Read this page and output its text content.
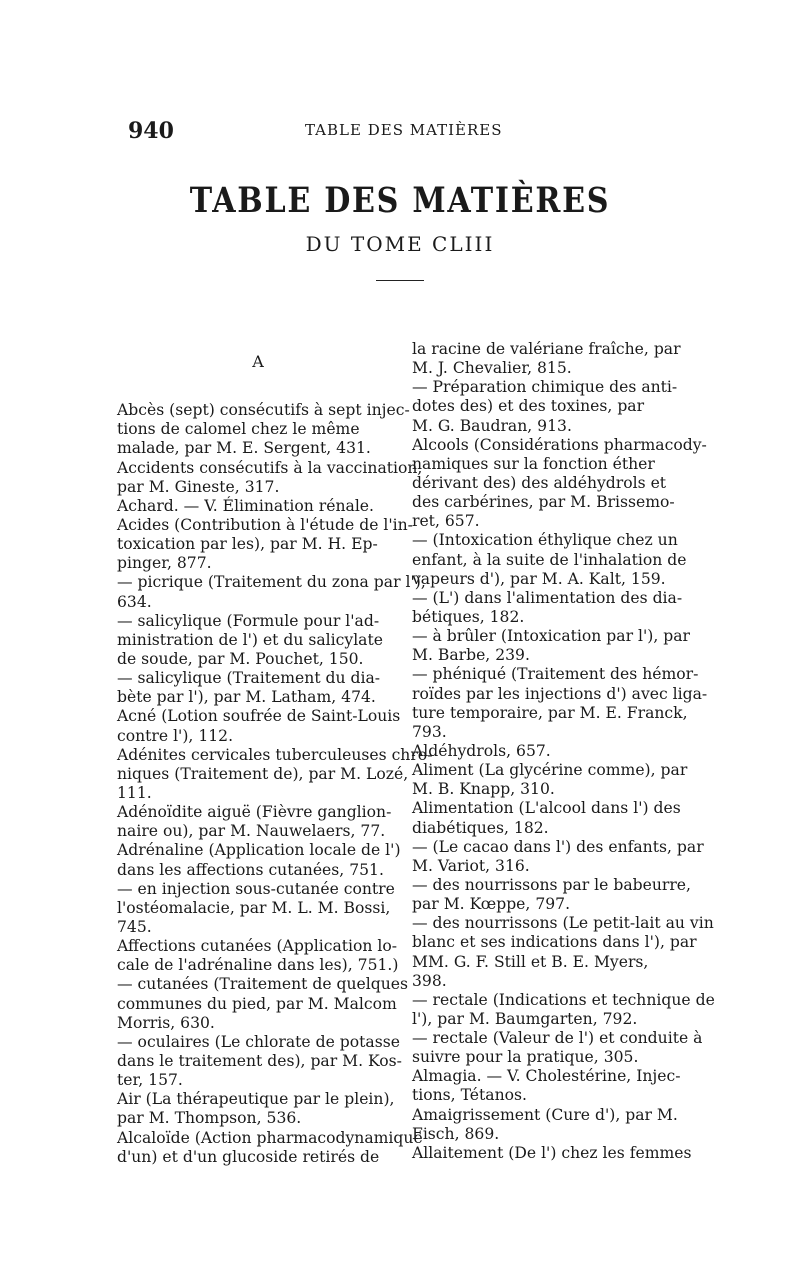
940	TABLE DES MATIÈRES
TABLE DES MATIÈRES
DU TOME CLIII
A
Abcès (sept) consécutifs à sept injec-
tions de calomel chez le même
malade, par M. E. Sergent, 431.
Accidents consécutifs à la vaccination,
par M. Gineste, 317.
Achard. — V. Élimination rénale.
Acides (Contribution à l'étude de l'in-
toxication par les), par M. H. Ep-
pinger, 877.
— picrique (Traitement du zona par l'),
634.
— salicylique (Formule pour l'ad-
ministration de l') et du salicylate
de soude, par M. Pouchet, 150.
— salicylique (Traitement du dia-
bète par l'), par M. Latham, 474.
Acné (Lotion soufrée de Saint-Louis
contre l'), 112.
Adénites cervicales tuberculeuses chro-
niques (Traitement de), par M. Lozé,
111.
Adénoïdite aiguë (Fièvre ganglion-
naire ou), par M. Nauwelaers, 77.
Adrénaline (Application locale de l')
dans les affections cutanées, 751.
— en injection sous-cutanée contre
l'ostéomalacie, par M. L. M. Bossi,
745.
Affections cutanées (Application lo-
cale de l'adrénaline dans les), 751.)
— cutanées (Traitement de quelques
communes du pied, par M. Malcom
Morris, 630.
— oculaires (Le chlorate de potasse
dans le traitement des), par M. Kos-
ter, 157.
Air (La thérapeutique par le plein),
par M. Thompson, 536.
Alcaloïde (Action pharmacodynamique
d'un) et d'un glucoside retirés de
la racine de valériane fraîche, par
M. J. Chevalier, 815.
— Préparation chimique des anti-
dotes des) et des toxines, par
M. G. Baudran, 913.
Alcools (Considérations pharmacody-
namiques sur la fonction éther
dérivant des) des aldéhydrols et
des carbérines, par M. Brissemo-
ret, 657.
— (Intoxication éthylique chez un
enfant, à la suite de l'inhalation de
vapeurs d'), par M. A. Kalt, 159.
— (L') dans l'alimentation des dia-
bétiques, 182.
— à brûler (Intoxication par l'), par
M. Barbe, 239.
— phéniqué (Traitement des hémor-
roïdes par les injections d') avec liga-
ture temporaire, par M. E. Franck,
793.
Aldéhydrols, 657.
Aliment (La glycérine comme), par
M. B. Knapp, 310.
Alimentation (L'alcool dans l') des
diabétiques, 182.
— (Le cacao dans l') des enfants, par
M. Variot, 316.
— des nourrissons par le babeurre,
par M. Kœppe, 797.
— des nourrissons (Le petit-lait au vin
blanc et ses indications dans l'), par
MM. G. F. Still et B. E. Myers,
398.
— rectale (Indications et technique de
l'), par M. Baumgarten, 792.
— rectale (Valeur de l') et conduite à
suivre pour la pratique, 305.
Almagia. — V. Cholestérine, Injec-
tions, Tétanos.
Amaigrissement (Cure d'), par M.
Fisch, 869.
Allaitement (De l') chez les femmes
